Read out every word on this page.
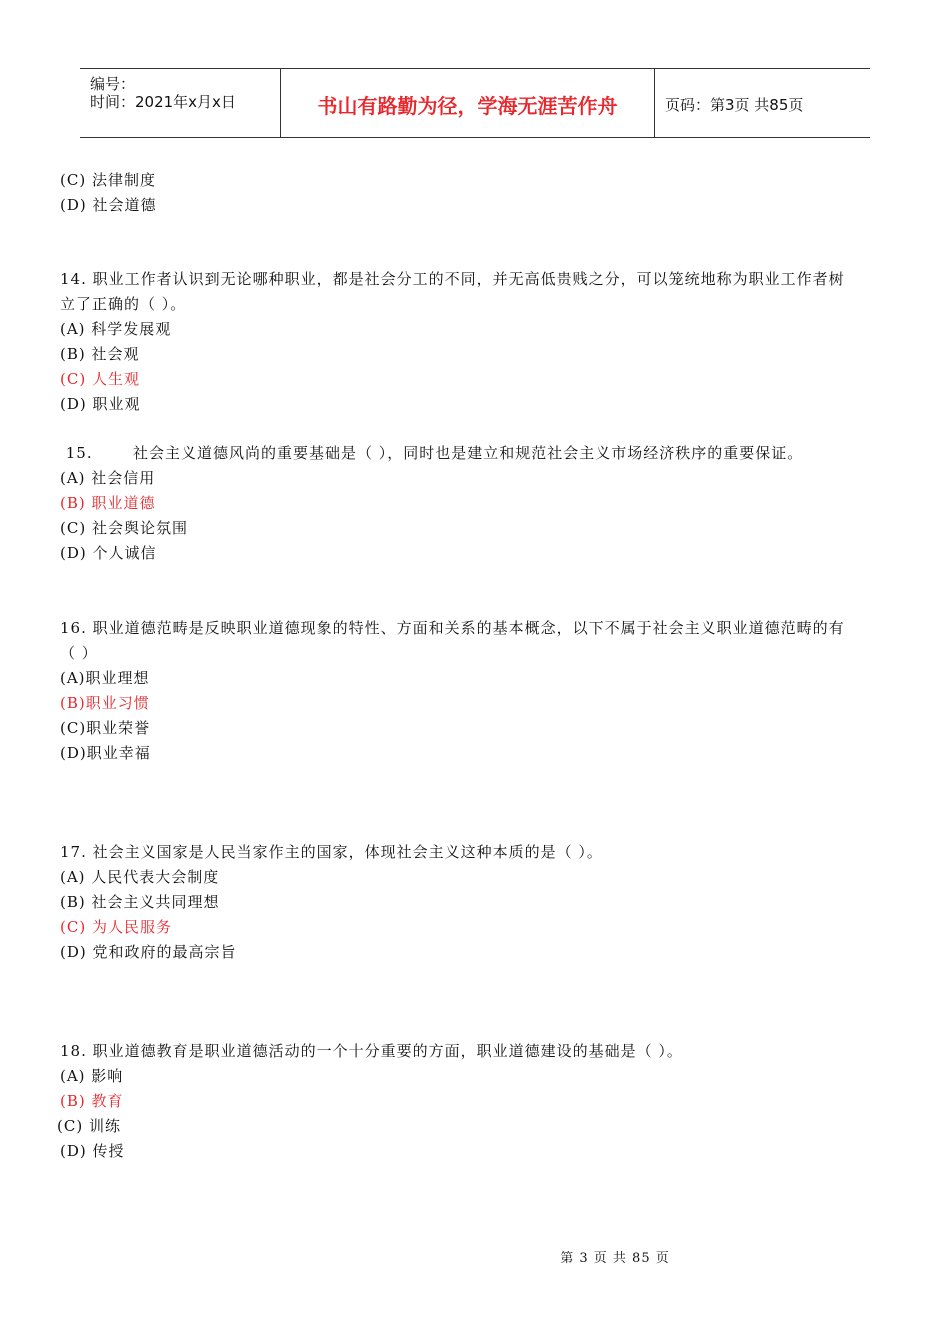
编号：
时间：2021年x月x日	书山有路勤为径，学海无涯苦作舟	页码：第3页 共85页
(C) 法律制度
(D) 社会道德
14. 职业工作者认识到无论哪种职业，都是社会分工的不同，并无高低贵贱之分，可以笼统地称为职业工作者树
立了正确的（ ）。
(A) 科学发展观
(B) 社会观
(C) 人生观
(D) 职业观
15.       社会主义道德风尚的重要基础是（ ），同时也是建立和规范社会主义市场经济秩序的重要保证。
(A) 社会信用
(B) 职业道德
(C) 社会舆论氛围
(D) 个人诚信
16. 职业道德范畴是反映职业道德现象的特性、方面和关系的基本概念，以下不属于社会主义职业道德范畴的有
（ ）
(A)职业理想
(B)职业习惯
(C)职业荣誉
(D)职业幸福
17. 社会主义国家是人民当家作主的国家，体现社会主义这种本质的是（ ）。
(A) 人民代表大会制度
(B) 社会主义共同理想
(C) 为人民服务
(D) 党和政府的最高宗旨
18. 职业道德教育是职业道德活动的一个十分重要的方面，职业道德建设的基础是（ ）。
(A) 影响
(B) 教育
(C) 训练
(D) 传授
第 3 页 共 85 页
